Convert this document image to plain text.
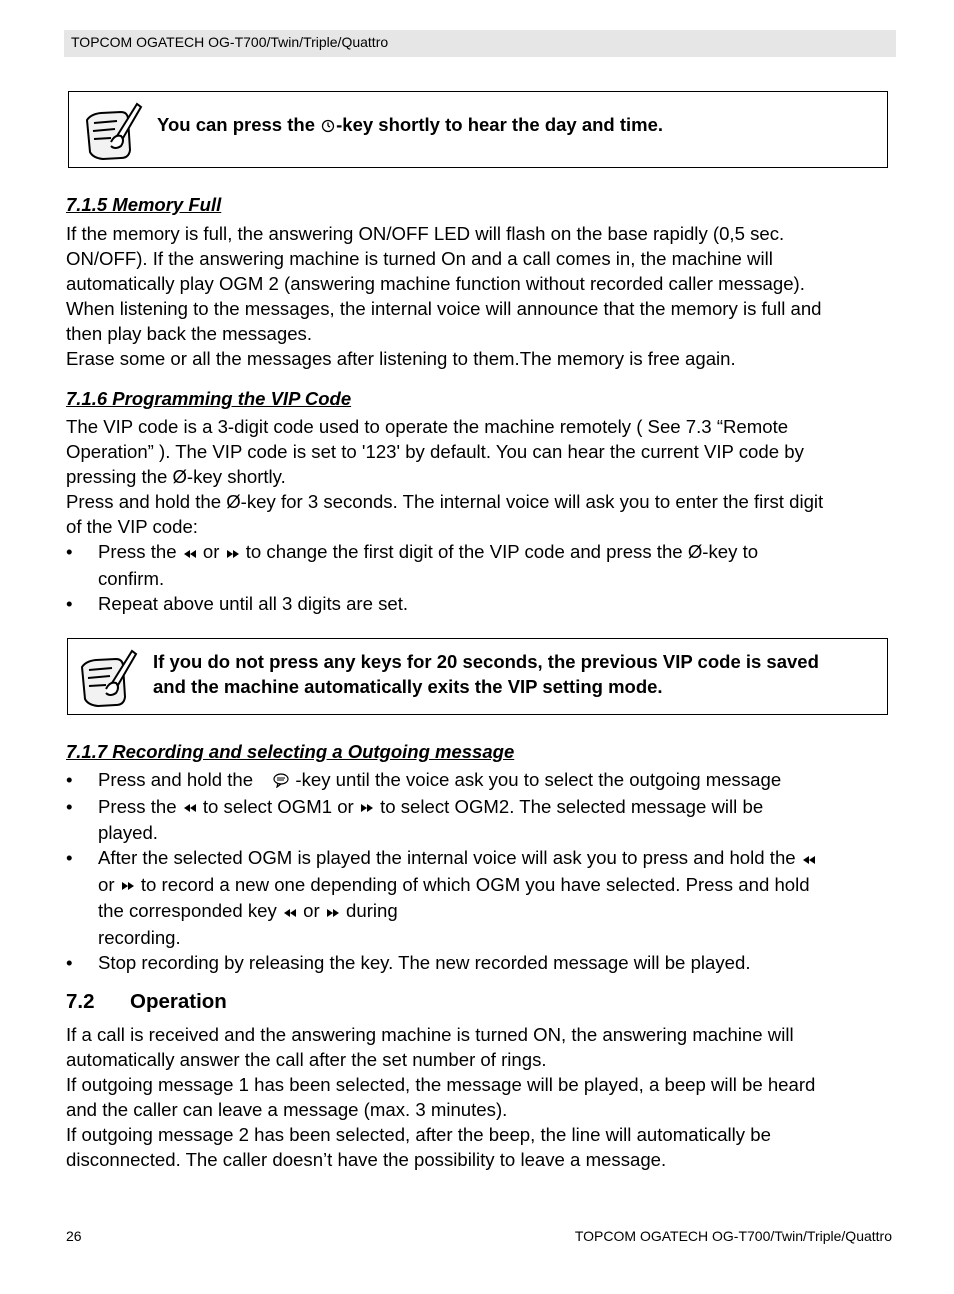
TOPCOM OGATECH OG-T700/Twin/Triple/Quattro
You can press the -key shortly to hear the day and time.
7.1.5 Memory Full

If the memory is full, the answering ON/OFF LED will flash on the base rapidly (0,5 sec.

ON/OFF). If the answering machine is turned On and a call comes in, the machine will

automatically play OGM 2 (answering machine function without recorded caller message).

When listening to the messages, the internal voice will announce that the memory is full and

then play back the messages.

Erase some or all the messages after listening to them.The memory is free again.

7.1.6 Programming the VIP Code

The VIP code is a 3-digit code used to operate the machine remotely ( See 7.3 “Remote

Operation” ). The VIP code is set to '123' by default. You can hear the current VIP code by

pressing the Ø-key shortly.

Press and hold the Ø-key for 3 seconds. The internal voice will ask you to enter the first digit

of the VIP code:

• Press the  or  to change the first digit of the VIP code and press the Ø-key to
confirm.
• Repeat above until all 3 digits are set.
If you do not press any keys for 20 seconds, the previous VIP code is saved
and the machine automatically exits the VIP setting mode.
7.1.7 Recording and selecting a Outgoing message
• Press and hold the  -key until the voice ask you to select the outgoing message
• Press the  to select OGM1 or  to select OGM2. The selected message will be
played.
• After the selected OGM is played the internal voice will ask you to press and hold the
or  to record a new one depending of which OGM you have selected. Press and hold
the corresponded key  or  during
recording.
• Stop recording by releasing the key. The new recorded message will be played.
7.2 Operation

If a call is received and the answering machine is turned ON, the answering machine will

automatically answer the call after the set number of rings.

If outgoing message 1 has been selected, the message will be played, a beep will be heard

and the caller can leave a message (max. 3 minutes).

If outgoing message 2 has been selected, after the beep, the line will automatically be

disconnected. The caller doesn’t have the possibility to leave a message.

26	TOPCOM OGATECH OG-T700/Twin/Triple/Quattro
